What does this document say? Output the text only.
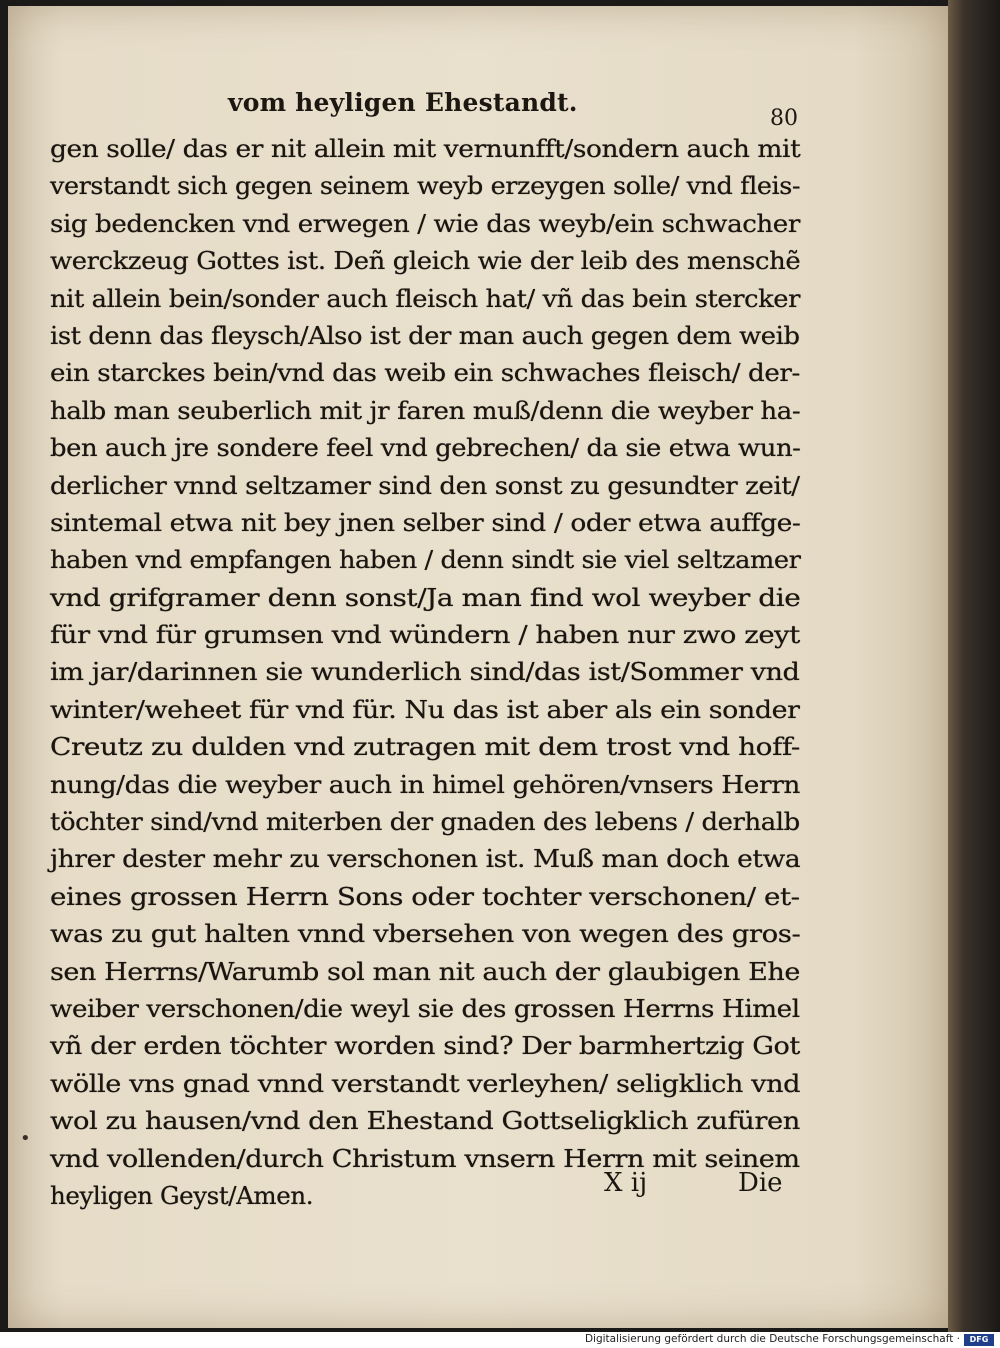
vom heyligen Ehestandt.
80
gen solle/ das er nit allein mit vernunfft/sondern auch mit
verstandt sich gegen seinem weyb erzeygen solle/ vnd fleis-
sig bedencken vnd erwegen / wie das weyb/ein schwacher
werckzeug Gottes ist. Deñ gleich wie der leib des menschẽ
nit allein bein/sonder auch fleisch hat/ vñ das bein stercker
ist denn das fleysch/Also ist der man auch gegen dem weib
ein starckes bein/vnd das weib ein schwaches fleisch/ der-
halb man seuberlich mit jr faren muß/denn die weyber ha-
ben auch jre sondere feel vnd gebrechen/ da sie etwa wun-
derlicher vnnd seltzamer sind den sonst zu gesundter zeit/
sintemal etwa nit bey jnen selber sind / oder etwa auffge-
haben vnd empfangen haben / denn sindt sie viel seltzamer
vnd grifgramer denn sonst/Ja man find wol weyber die
für vnd für grumsen vnd wündern / haben nur zwo zeyt
im jar/darinnen sie wunderlich sind/das ist/Sommer vnd
winter/weheet für vnd für. Nu das ist aber als ein sonder
Creutz zu dulden vnd zutragen mit dem trost vnd hoff-
nung/das die weyber auch in himel gehören/vnsers Herrn
töchter sind/vnd miterben der gnaden des lebens / derhalb
jhrer dester mehr zu verschonen ist. Muß man doch etwa
eines grossen Herrn Sons oder tochter verschonen/ et-
was zu gut halten vnnd vbersehen von wegen des gros-
sen Herrns/Warumb sol man nit auch der glaubigen Ehe
weiber verschonen/die weyl sie des grossen Herrns Himel
vñ der erden töchter worden sind? Der barmhertzig Got
wölle vns gnad vnnd verstandt verleyhen/ seligklich vnd
wol zu hausen/vnd den Ehestand Gottseligklich zufüren
vnd vollenden/durch Christum vnsern Herrn mit seinem
heyligen Geyst/Amen.
•
X ij	Die
Digitalisierung gefördert durch die Deutsche Forschungsgemeinschaft ·	DFG
